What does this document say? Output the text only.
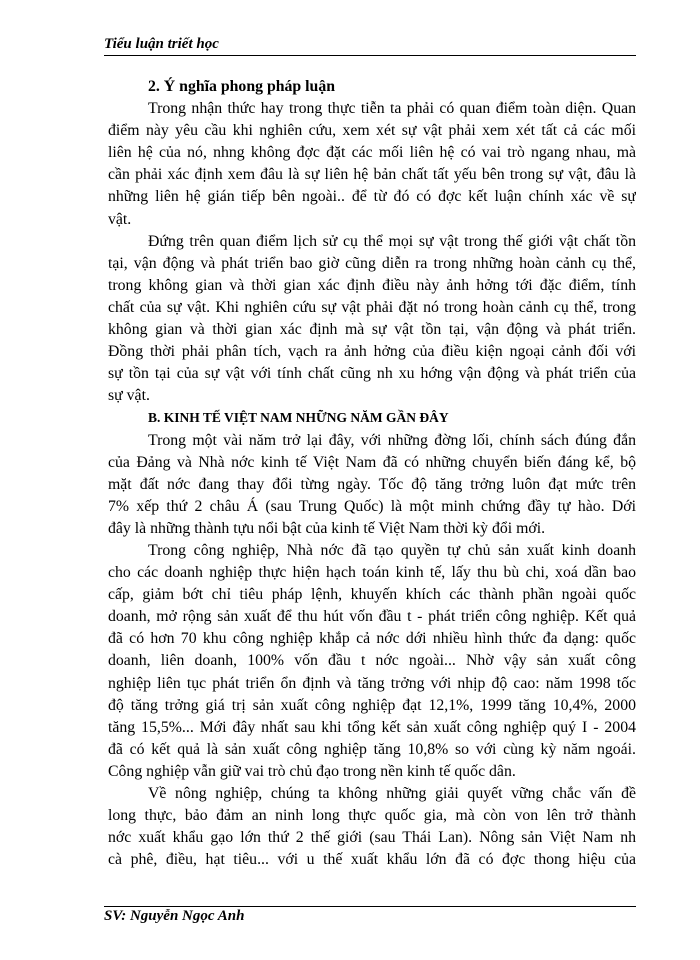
Tiểu luận triết học
2. Ý nghĩa phong pháp luận
Trong nhận thức hay trong thực tiễn ta phải có quan điểm toàn diện. Quan
điểm này yêu cầu khi nghiên cứu, xem xét sự vật phải xem xét tất cả các mối
liên hệ của nó, nhng không đợc đặt các mối liên hệ có vai trò ngang nhau, mà
cần phải xác định xem đâu là sự liên hệ bản chất tất yếu bên trong sự vật, đâu là
những liên hệ gián tiếp bên ngoài.. để từ đó có đợc kết luận chính xác về sự
vật.
Đứng trên quan điểm lịch sử cụ thể mọi sự vật trong thế giới vật chất tồn
tại, vận động và phát triển bao giờ cũng diễn ra trong những hoàn cảnh cụ thể,
trong không gian và thời gian xác định điều này ảnh hởng tới đặc điểm, tính
chất của sự vật. Khi nghiên cứu sự vật phải đặt nó trong hoàn cảnh cụ thể, trong
không gian và thời gian xác định mà sự vật tồn tại, vận động và phát triển.
Đồng thời phải phân tích, vạch ra ảnh hởng của điều kiện ngoại cảnh đối với
sự tồn tại của sự vật với tính chất cũng nh xu hớng vận động và phát triển của
sự vật.
B. KINH TẾ VIỆT NAM NHỮNG NĂM GẦN ĐÂY
Trong một vài năm trở lại đây, với những đờng lối, chính sách đúng đắn
của Đảng và Nhà nớc kinh tế Việt Nam đã có những chuyển biến đáng kể, bộ
mặt đất nớc đang thay đổi từng ngày. Tốc độ tăng trởng luôn đạt mức trên
7% xếp thứ 2 châu Á (sau Trung Quốc) là một minh chứng đầy tự hào. Dới
đây là những thành tựu nổi bật của kinh tế Việt Nam thời kỳ đổi mới.
Trong công nghiệp, Nhà nớc đã tạo quyền tự chủ sản xuất kinh doanh
cho các doanh nghiệp thực hiện hạch toán kinh tế, lấy thu bù chi, xoá dần bao
cấp, giảm bớt chỉ tiêu pháp lệnh, khuyến khích các thành phần ngoài quốc
doanh, mở rộng sản xuất để thu hút vốn đầu t - phát triển công nghiệp. Kết quả
đã có hơn 70 khu công nghiệp khắp cả nớc dới nhiều hình thức đa dạng: quốc
doanh, liên doanh, 100% vốn đầu t nớc ngoài... Nhờ vậy sản xuất công
nghiệp liên tục phát triển ổn định và tăng trởng với nhịp độ cao: năm 1998 tốc
độ tăng trởng giá trị sản xuất công nghiệp đạt 12,1%, 1999 tăng 10,4%, 2000
tăng 15,5%... Mới đây nhất sau khi tổng kết sản xuất công nghiệp quý I - 2004
đã có kết quả là sản xuất công nghiệp tăng 10,8% so với cùng kỳ năm ngoái.
Công nghiệp vẫn giữ vai trò chủ đạo trong nền kinh tế quốc dân.
Về nông nghiệp, chúng ta không những giải quyết vững chắc vấn đề
long thực, bảo đảm an ninh long thực quốc gia, mà còn von lên trở thành
nớc xuất khẩu gạo lớn thứ 2 thế giới (sau Thái Lan). Nông sản Việt Nam nh
cà phê, điều, hạt tiêu... với u thế xuất khẩu lớn đã có đợc thong hiệu của
SV: Nguyễn Ngọc Anh
